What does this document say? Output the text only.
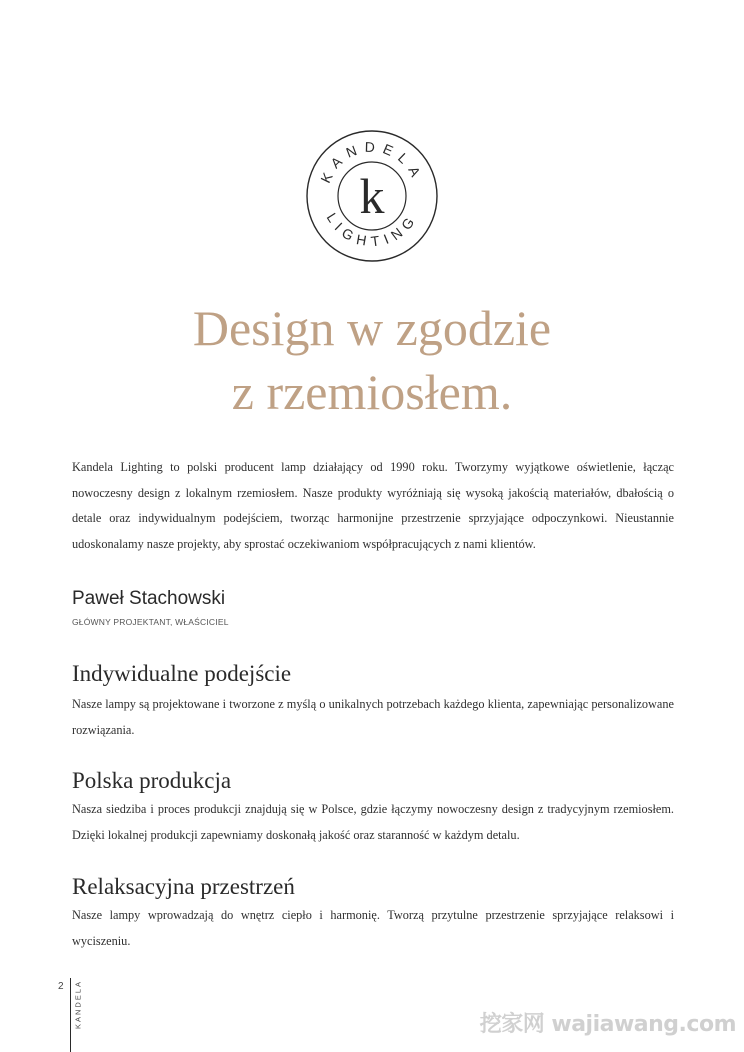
KANDELA
LIGHTING
k
Design w zgodzie
z rzemiosłem.

Kandela Lighting to polski producent lamp działający od 1990 roku. Tworzymy wyjątkowe oświetlenie, łącząc nowoczesny design z lokalnym rzemiosłem. Nasze produkty wyróżniają się wysoką jakością materiałów, dbałością o detale oraz indywidualnym podejściem, tworząc harmonijne przestrzenie sprzyjające odpoczynkowi. Nieustannie udoskonalamy nasze projekty, aby sprostać oczekiwaniom współpracujących z nami klientów.

Paweł Stachowski

GŁÓWNY PROJEKTANT, WŁAŚCICIEL

Indywidualne podejście

Nasze lampy są projektowane i tworzone z myślą o unikalnych potrzebach każdego klienta, zapewniając personalizowane rozwiązania.

Polska produkcja

Nasza siedziba i proces produkcji znajdują się w Polsce, gdzie łączymy nowoczesny design z tradycyjnym rzemiosłem. Dzięki lokalnej produkcji zapewniamy doskonałą jakość oraz staranność w każdym detalu.

Relaksacyjna przestrzeń

Nasze lampy wprowadzają do wnętrz ciepło i harmonię. Tworzą przytulne przestrzenie sprzyjające relaksowi i wyciszeniu.

2 KANDELA	挖家网 wajiawang.com
